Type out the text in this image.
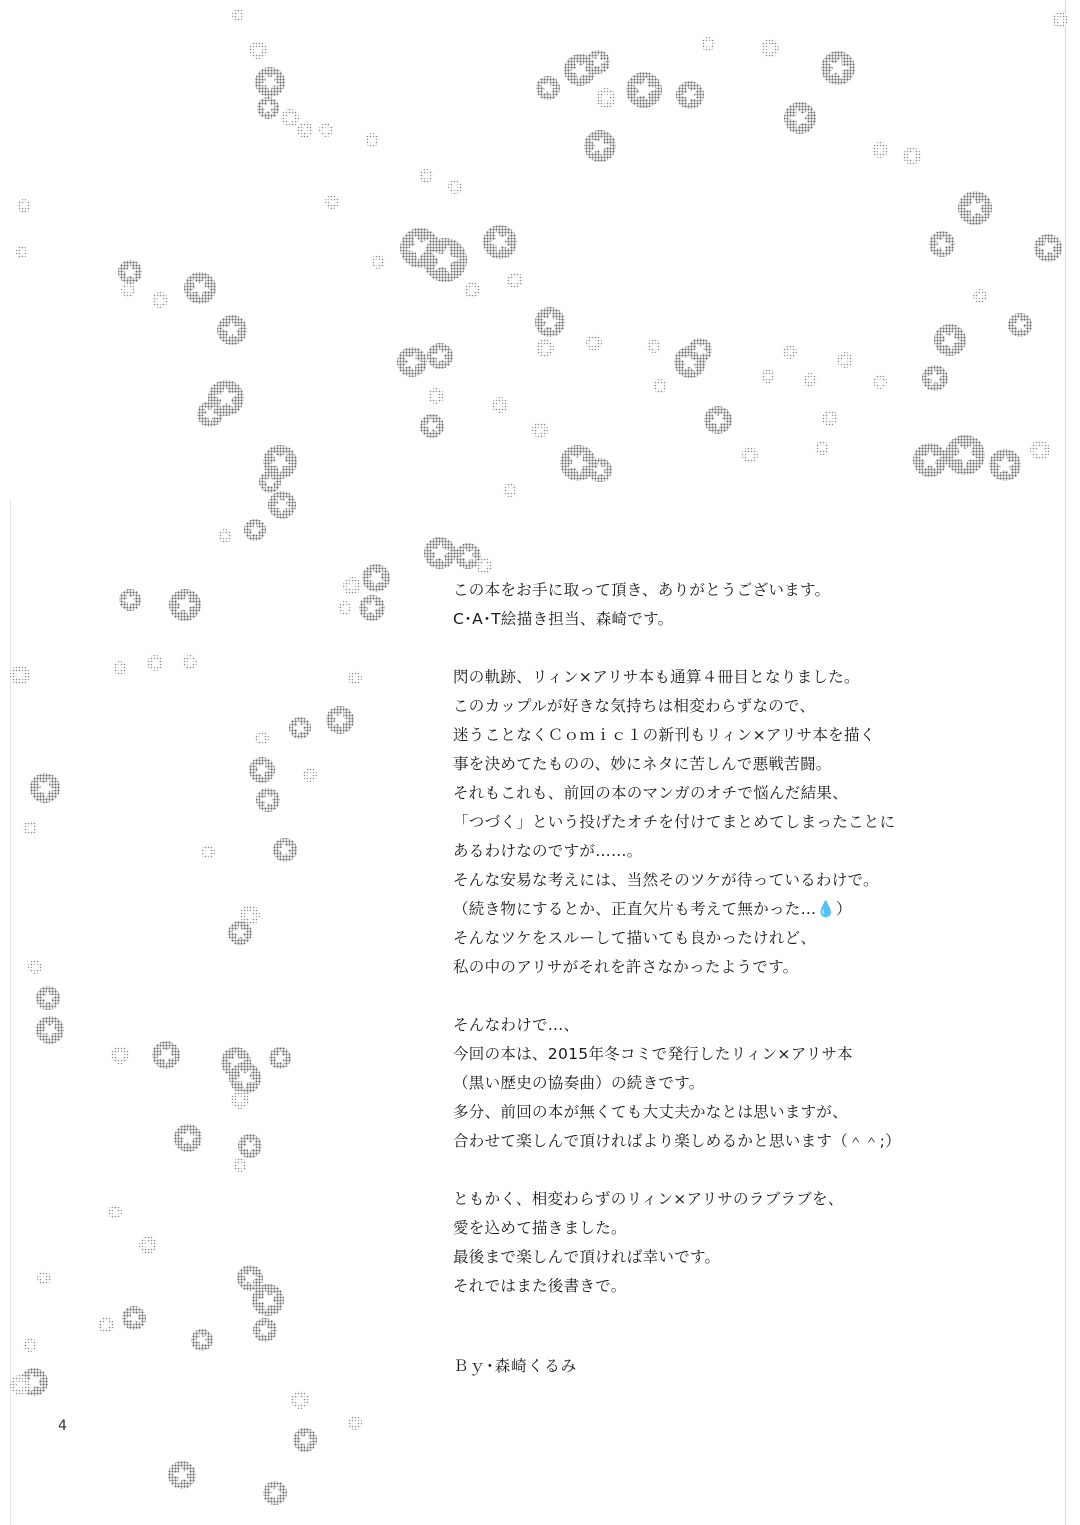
この本をお手に取って頂き、ありがとうございます。
C･A･T絵描き担当、森崎です。
閃の軌跡、リィン×アリサ本も通算４冊目となりました。
このカップルが好きな気持ちは相変わらずなので、
迷うことなくＣｏｍｉｃ１の新刊もリィン×アリサ本を描く
事を決めてたものの、妙にネタに苦しんで悪戦苦闘。
それもこれも、前回の本のマンガのオチで悩んだ結果、
「つづく」という投げたオチを付けてまとめてしまったことに
あるわけなのですが……。
そんな安易な考えには、当然そのツケが待っているわけで。
（続き物にするとか、正直欠片も考えて無かった…💧）
そんなツケをスルーして描いても良かったけれど、
私の中のアリサがそれを許さなかったようです。
そんなわけで…、
今回の本は、2015年冬コミで発行したリィン×アリサ本
（黒い歴史の協奏曲）の続きです。
多分、前回の本が無くても大丈夫かなとは思いますが、
合わせて楽しんで頂ければより楽しめるかと思います（＾＾;）
ともかく、相変わらずのリィン×アリサのラブラブを、
愛を込めて描きました。
最後まで楽しんで頂ければ幸いです。
それではまた後書きで。
Ｂｙ･森崎くるみ
4
